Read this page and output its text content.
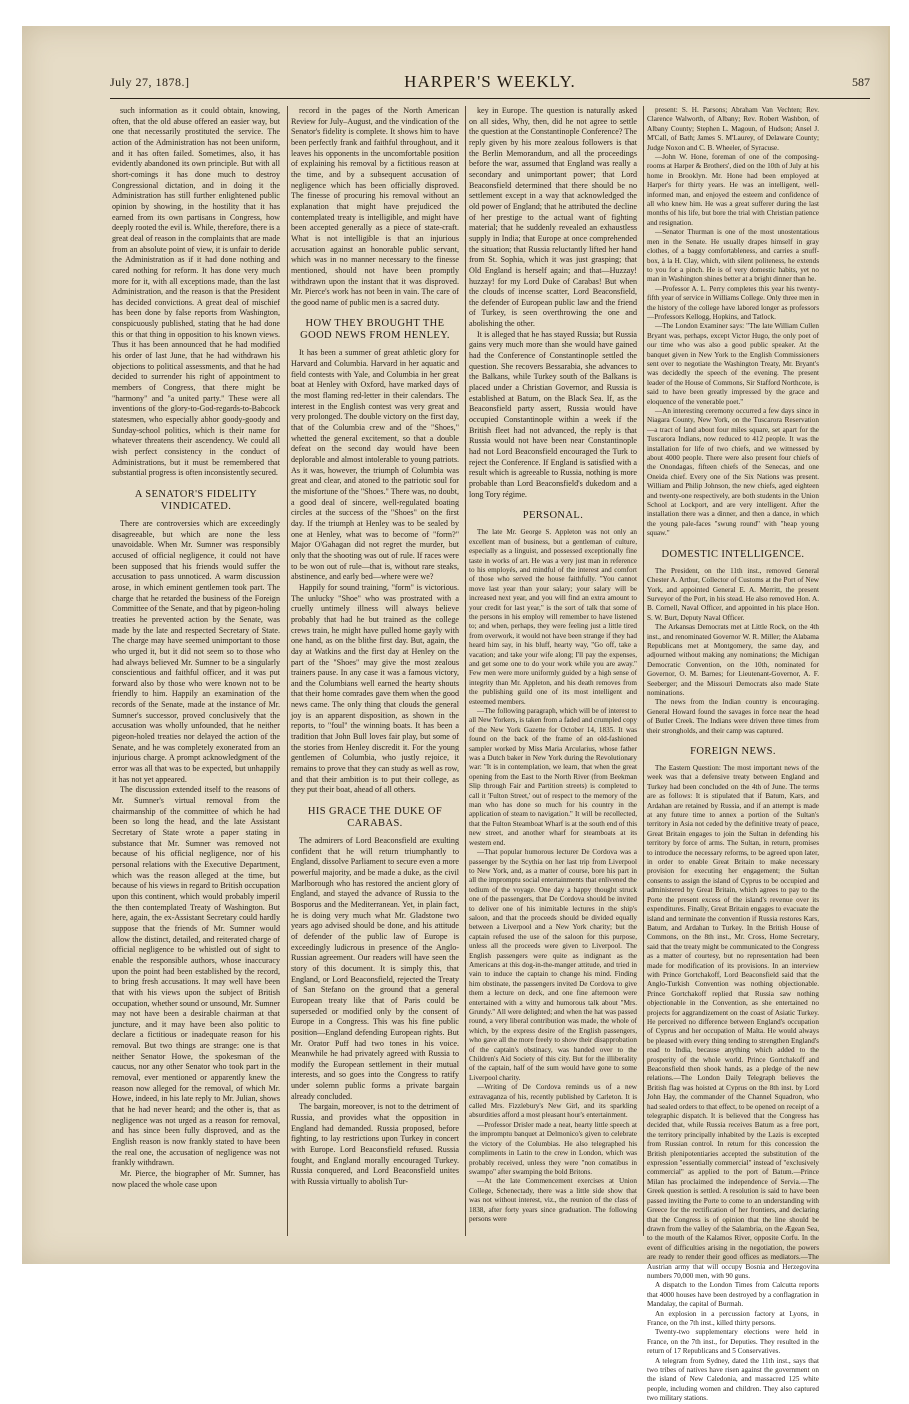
July 27, 1878.]	HARPER'S WEEKLY.	587

such information as it could obtain, knowing, often, that the old abuse offered an easier way, but one that necessarily prostituted the service. The action of the Administration has not been uniform, and it has often failed. Sometimes, also, it has evidently abandoned its own principle. But with all short-comings it has done much to destroy Congressional dictation, and in doing it the Administration has still further enlightened public opinion by showing, in the hostility that it has earned from its own partisans in Congress, how deeply rooted the evil is. While, therefore, there is a great deal of reason in the complaints that are made from an absolute point of view, it is unfair to deride the Administration as if it had done nothing and cared nothing for reform. It has done very much more for it, with all exceptions made, than the last Administration, and the reason is that the President has decided convictions. A great deal of mischief has been done by false reports from Washington, conspicuously published, stating that he had done this or that thing in opposition to his known views. Thus it has been announced that he had modified his order of last June, that he had withdrawn his objections to political assessments, and that he had decided to surrender his right of appointment to members of Congress, that there might be "harmony" and "a united party." These were all inventions of the glory-to-God-regards-to-Babcock statesmen, who especially abhor goody-goody and Sunday-school politics, which is their name for whatever threatens their ascendency. We could all wish perfect consistency in the conduct of Administrations, but it must be remembered that substantial progress is often inconsistently secured.

A SENATOR'S FIDELITY
VINDICATED.

There are controversies which are exceedingly disagreeable, but which are none the less unavoidable. When Mr. Sumner was responsibly accused of official negligence, it could not have been supposed that his friends would suffer the accusation to pass unnoticed. A warm discussion arose, in which eminent gentlemen took part. The charge that he retarded the business of the Foreign Committee of the Senate, and that by pigeon-holing treaties he prevented action by the Senate, was made by the late and respected Secretary of State. The charge may have seemed unimportant to those who urged it, but it did not seem so to those who had always believed Mr. Sumner to be a singularly conscientious and faithful officer, and it was put forward also by those who were known not to be friendly to him. Happily an examination of the records of the Senate, made at the instance of Mr. Sumner's successor, proved conclusively that the accusation was wholly unfounded, that he neither pigeon-holed treaties nor delayed the action of the Senate, and he was completely exonerated from an injurious charge. A prompt acknowledgment of the error was all that was to be expected, but unhappily it has not yet appeared.

The discussion extended itself to the reasons of Mr. Sumner's virtual removal from the chairmanship of the committee of which he had been so long the head, and the late Assistant Secretary of State wrote a paper stating in substance that Mr. Sumner was removed not because of his official negligence, nor of his personal relations with the Executive Department, which was the reason alleged at the time, but because of his views in regard to British occupation upon this continent, which would probably imperil the then contemplated Treaty of Washington. But here, again, the ex-Assistant Secretary could hardly suppose that the friends of Mr. Sumner would allow the distinct, detailed, and reiterated charge of official negligence to be whistled out of sight to enable the responsible authors, whose inaccuracy upon the point had been established by the record, to bring fresh accusations. It may well have been that with his views upon the subject of British occupation, whether sound or unsound, Mr. Sumner may not have been a desirable chairman at that juncture, and it may have been also politic to declare a fictitious or inadequate reason for his removal. But two things are strange: one is that neither Senator Howe, the spokesman of the caucus, nor any other Senator who took part in the removal, ever mentioned or apparently knew the reason now alleged for the removal, of which Mr. Howe, indeed, in his late reply to Mr. Julian, shows that he had never heard; and the other is, that as negligence was not urged as a reason for removal, and has since been fully disproved, and as the English reason is now frankly stated to have been the real one, the accusation of negligence was not frankly withdrawn.

Mr. Pierce, the biographer of Mr. Sumner, has now placed the whole case upon

record in the pages of the North American Review for July–August, and the vindication of the Senator's fidelity is complete. It shows him to have been perfectly frank and faithful throughout, and it leaves his opponents in the uncomfortable position of explaining his removal by a fictitious reason at the time, and by a subsequent accusation of negligence which has been officially disproved. The finesse of procuring his removal without an explanation that might have prejudiced the contemplated treaty is intelligible, and might have been accepted generally as a piece of state-craft. What is not intelligible is that an injurious accusation against an honorable public servant, which was in no manner necessary to the finesse mentioned, should not have been promptly withdrawn upon the instant that it was disproved. Mr. Pierce's work has not been in vain. The care of the good name of public men is a sacred duty.

HOW THEY BROUGHT THE
GOOD NEWS FROM HENLEY.

It has been a summer of great athletic glory for Harvard and Columbia. Harvard in her aquatic and field contests with Yale, and Columbia in her great boat at Henley with Oxford, have marked days of the most flaming red-letter in their calendars. The interest in the English contest was very great and very prolonged. The double victory on the first day, that of the Columbia crew and of the "Shoes," whetted the general excitement, so that a double defeat on the second day would have been deplorable and almost intolerable to young patriots. As it was, however, the triumph of Columbia was great and clear, and atoned to the patriotic soul for the misfortune of the "Shoes." There was, no doubt, a good deal of sincere, well-regulated boating circles at the success of the "Shoes" on the first day. If the triumph at Henley was to be sealed by one at Henley, what was to become of "form?" Major O'Gahagan did not regret the murder, but only that the shooting was out of rule. If races were to be won out of rule—that is, without rare steaks, abstinence, and early bed—where were we?

Happily for sound training, "form" is victorious. The unlucky "Shoe" who was prostrated with a cruelly untimely illness will always believe probably that had he but trained as the college crews train, he might have pulled home gayly with one hand, as on the blithe first day. But, again, the day at Watkins and the first day at Henley on the part of the "Shoes" may give the most zealous trainers pause. In any case it was a famous victory, and the Columbians well earned the hearty shouts that their home comrades gave them when the good news came. The only thing that clouds the general joy is an apparent disposition, as shown in the reports, to "foul" the winning boats. It has been a tradition that John Bull loves fair play, but some of the stories from Henley discredit it. For the young gentlemen of Columbia, who justly rejoice, it remains to prove that they can study as well as row, and that their ambition is to put their college, as they put their boat, ahead of all others.

HIS GRACE THE DUKE OF
CARABAS.

The admirers of Lord Beaconsfield are exulting confident that he will return triumphantly to England, dissolve Parliament to secure even a more powerful majority, and be made a duke, as the civil Marlborough who has restored the ancient glory of England, and stayed the advance of Russia to the Bosporus and the Mediterranean. Yet, in plain fact, he is doing very much what Mr. Gladstone two years ago advised should be done, and his attitude of defender of the public law of Europe is exceedingly ludicrous in presence of the Anglo-Russian agreement. Our readers will have seen the story of this document. It is simply this, that England, or Lord Beaconsfield, rejected the Treaty of San Stefano on the ground that a general European treaty like that of Paris could be superseded or modified only by the consent of Europe in a Congress. This was his fine public position—England defending European rights. But Mr. Orator Puff had two tones in his voice. Meanwhile he had privately agreed with Russia to modify the European settlement in their mutual interests, and so goes into the Congress to ratify under solemn public forms a private bargain already concluded.

The bargain, moreover, is not to the detriment of Russia, and provides what the opposition in England had demanded. Russia proposed, before fighting, to lay restrictions upon Turkey in concert with Europe. Lord Beaconsfield refused. Russia fought, and England morally encouraged Turkey. Russia conquered, and Lord Beaconsfield unites with Russia virtually to abolish Tur-

key in Europe. The question is naturally asked on all sides, Why, then, did he not agree to settle the question at the Constantinople Conference? The reply given by his more zealous followers is that the Berlin Memorandum, and all the proceedings before the war, assumed that England was really a secondary and unimportant power; that Lord Beaconsfield determined that there should be no settlement except in a way that acknowledged the old power of England; that he attributed the decline of her prestige to the actual want of fighting material; that he suddenly revealed an exhaustless supply in India; that Europe at once comprehended the situation; that Russia reluctantly lifted her hand from St. Sophia, which it was just grasping; that Old England is herself again; and that—Huzzay! huzzay! for my Lord Duke of Carabas! But when the clouds of incense scatter, Lord Beaconsfield, the defender of European public law and the friend of Turkey, is seen overthrowing the one and abolishing the other.

It is alleged that he has stayed Russia; but Russia gains very much more than she would have gained had the Conference of Constantinople settled the question. She recovers Bessarabia, she advances to the Balkans, while Turkey south of the Balkans is placed under a Christian Governor, and Russia is established at Batum, on the Black Sea. If, as the Beaconsfield party assert, Russia would have occupied Constantinople within a week if the British fleet had not advanced, the reply is that Russia would not have been near Constantinople had not Lord Beaconsfield encouraged the Turk to reject the Conference. If England is satisfied with a result which is agreeable to Russia, nothing is more probable than Lord Beaconsfield's dukedom and a long Tory régime.

PERSONAL.

The late Mr. George S. Appleton was not only an excellent man of business, but a gentleman of culture, especially as a linguist, and possessed exceptionally fine taste in works of art. He was a very just man in reference to his employés, and mindful of the interest and comfort of those who served the house faithfully. "You cannot move last year than your salary; your salary will be increased next year, and you will find an extra amount to your credit for last year," is the sort of talk that some of the persons in his employ will remember to have listened to; and when, perhaps, they were feeling just a little tired from overwork, it would not have been strange if they had heard him say, in his bluff, hearty way, "Go off, take a vacation; and take your wife along; I'll pay the expenses, and get some one to do your work while you are away." Few men were more uniformly guided by a high sense of integrity than Mr. Appleton, and his death removes from the publishing guild one of its most intelligent and esteemed members.

—The following paragraph, which will be of interest to all New Yorkers, is taken from a faded and crumpled copy of the New York Gazette for October 14, 1835. It was found on the back of the frame of an old-fashioned sampler worked by Miss Maria Arcularius, whose father was a Dutch baker in New York during the Revolutionary war: "It is in contemplation, we learn, that when the great opening from the East to the North River (from Beekman Slip through Fair and Partition streets) is completed to call it 'Fulton Street,' out of respect to the memory of the man who has done so much for his country in the application of steam to navigation." It will be recollected, that the Fulton Steamboat Wharf is at the south end of this new street, and another wharf for steamboats at its western end.

—That popular humorous lecturer De Cordova was a passenger by the Scythia on her last trip from Liverpool to New York, and, as a matter of course, bore his part in all the impromptu social entertainments that enlivened the tedium of the voyage. One day a happy thought struck one of the passengers, that De Cordova should be invited to deliver one of his inimitable lectures in the ship's saloon, and that the proceeds should be divided equally between a Liverpool and a New York charity; but the captain refused the use of the saloon for this purpose, unless all the proceeds were given to Liverpool. The English passengers were quite as indignant as the Americans at this dog-in-the-manger attitude, and tried in vain to induce the captain to change his mind. Finding him obstinate, the passengers invited De Cordova to give them a lecture on deck, and one fine afternoon were entertained with a witty and humorous talk about "Mrs. Grundy." All were delighted; and when the hat was passed round, a very liberal contribution was made, the whole of which, by the express desire of the English passengers, who gave all the more freely to show their disapprobation of the captain's obstinacy, was handed over to the Children's Aid Society of this city. But for the illiberality of the captain, half of the sum would have gone to some Liverpool charity.

—Writing of De Cordova reminds us of a new extravaganza of his, recently published by Carleton. It is called Mrs. Fizzlebury's New Girl, and its sparkling absurdities afford a most pleasant hour's entertainment.

—Professor Drisler made a neat, hearty little speech at the impromptu banquet at Delmonico's given to celebrate the victory of the Columbias. He also telegraphed his compliments in Latin to the crew in London, which was probably received, unless they were "non comatibus in swampo" after swamping the bold Britons.

—At the late Commencement exercises at Union College, Schenectady, there was a little side show that was not without interest, viz., the reunion of the class of 1838, after forty years since graduation. The following persons were

present: S. H. Parsons; Abraham Van Vechten; Rev. Clarence Walworth, of Albany; Rev. Robert Washbon, of Albany County; Stephen L. Magoun, of Hudson; Ansel J. M'Call, of Bath; James S. M'Laurey, of Delaware County; Judge Noxon and C. B. Wheeler, of Syracuse.

—John W. Hone, foreman of one of the composing-rooms at Harper & Brothers', died on the 10th of July at his home in Brooklyn. Mr. Hone had been employed at Harper's for thirty years. He was an intelligent, well-informed man, and enjoyed the esteem and confidence of all who knew him. He was a great sufferer during the last months of his life, but bore the trial with Christian patience and resignation.

—Senator Thurman is one of the most unostentatious men in the Senate. He usually drapes himself in gray clothes, of a baggy comfortableness, and carries a snuff-box, à la H. Clay, which, with silent politeness, he extends to you for a pinch. He is of very domestic habits, yet no man in Washington shines better at a bright dinner than he.

—Professor A. L. Perry completes this year his twenty-fifth year of service in Williams College. Only three men in the history of the college have labored longer as professors—Professors Kellogg, Hopkins, and Tatlock.

—The London Examiner says: "The late William Cullen Bryant was, perhaps, except Victor Hugo, the only poet of our time who was also a good public speaker. At the banquet given in New York to the English Commissioners sent over to negotiate the Washington Treaty, Mr. Bryant's was decidedly the speech of the evening. The present leader of the House of Commons, Sir Stafford Northcote, is said to have been greatly impressed by the grace and eloquence of the venerable poet."

—An interesting ceremony occurred a few days since in Niagara County, New York, on the Tuscarora Reservation—a tract of land about four miles square, set apart for the Tuscarora Indians, now reduced to 412 people. It was the installation for life of two chiefs, and we witnessed by about 4000 people. There were also present four chiefs of the Onondagas, fifteen chiefs of the Senecas, and one Oneida chief. Every one of the Six Nations was present. William and Philip Johnson, the new chiefs, aged eighteen and twenty-one respectively, are both students in the Union School at Lockport, and are very intelligent. After the installation there was a dinner, and then a dance, in which the young pale-faces "swung round" with "heap young squaw."

DOMESTIC INTELLIGENCE.

The President, on the 11th inst., removed General Chester A. Arthur, Collector of Customs at the Port of New York, and appointed General E. A. Merritt, the present Surveyor of the Port, in his stead. He also removed Hon. A. B. Cornell, Naval Officer, and appointed in his place Hon. S. W. Burt, Deputy Naval Officer.

The Arkansas Democrats met at Little Rock, on the 4th inst., and renominated Governor W. R. Miller; the Alabama Republicans met at Montgomery, the same day, and adjourned without making any nominations; the Michigan Democratic Convention, on the 10th, nominated for Governor, O. M. Barnes; for Lieutenant-Governor, A. F. Seeberger; and the Missouri Democrats also made State nominations.

The news from the Indian country is encouraging. General Howard found the savages in force near the head of Butler Creek. The Indians were driven three times from their strongholds, and their camp was captured.

FOREIGN NEWS.

The Eastern Question: The most important news of the week was that a defensive treaty between England and Turkey had been concluded on the 4th of June. The terms are as follows: It is stipulated that if Batum, Kars, and Ardahan are retained by Russia, and if an attempt is made at any future time to annex a portion of the Sultan's territory in Asia not ceded by the definitive treaty of peace, Great Britain engages to join the Sultan in defending his territory by force of arms. The Sultan, in return, promises to introduce the necessary reforms, to be agreed upon later, in order to enable Great Britain to make necessary provision for executing her engagement; the Sultan consents to assign the island of Cyprus to be occupied and administered by Great Britain, which agrees to pay to the Porte the present excess of the island's revenue over its expenditures. Finally, Great Britain engages to evacuate the island and terminate the convention if Russia restores Kars, Batum, and Ardahan to Turkey. In the British House of Commons, on the 8th inst., Mr. Cross, Home Secretary, said that the treaty might be communicated to the Congress as a matter of courtesy, but no representation had been made for modification of its provisions. In an interview with Prince Gortchakoff, Lord Beaconsfield said that the Anglo-Turkish Convention was nothing objectionable. Prince Gortchakoff replied that Russia saw nothing objectionable in the Convention, as she entertained no projects for aggrandizement on the coast of Asiatic Turkey. He perceived no difference between England's occupation of Cyprus and her occupation of Malta. He would always be pleased with every thing tending to strengthen England's road to India, because anything which added to the prosperity of the whole world. Prince Gortchakoff and Beaconsfield then shook hands, as a pledge of the new relations.—The London Daily Telegraph believes the British flag was hoisted at Cyprus on the 8th inst. by Lord John Hay, the commander of the Channel Squadron, who had sealed orders to that effect, to be opened on receipt of a telegraphic dispatch. It is believed that the Congress has decided that, while Russia receives Batum as a free port, the territory principally inhabited by the Lazis is excepted from Russian control. In return for this concession the British plenipotentiaries accepted the substitution of the expression "essentially commercial" instead of "exclusively commercial" as applied to the port of Batum.—Prince Milan has proclaimed the independence of Servia.—The Greek question is settled. A resolution is said to have been passed inviting the Porte to come to an understanding with Greece for the rectification of her frontiers, and declaring that the Congress is of opinion that the line should be drawn from the valley of the Salambria, on the Ægean Sea, to the mouth of the Kalamos River, opposite Corfu. In the event of difficulties arising in the negotiation, the powers are ready to render their good offices as mediators.—The Austrian army that will occupy Bosnia and Herzegovina numbers 70,000 men, with 90 guns.

A dispatch to the London Times from Calcutta reports that 4000 houses have been destroyed by a conflagration in Mandalay, the capital of Burmah.

An explosion in a percussion factory at Lyons, in France, on the 7th inst., killed thirty persons.

Twenty-two supplementary elections were held in France, on the 7th inst., for Deputies. They resulted in the return of 17 Republicans and 5 Conservatives.

A telegram from Sydney, dated the 11th inst., says that two tribes of natives have risen against the government on the island of New Caledonia, and massacred 125 white people, including women and children. They also captured two military stations.
